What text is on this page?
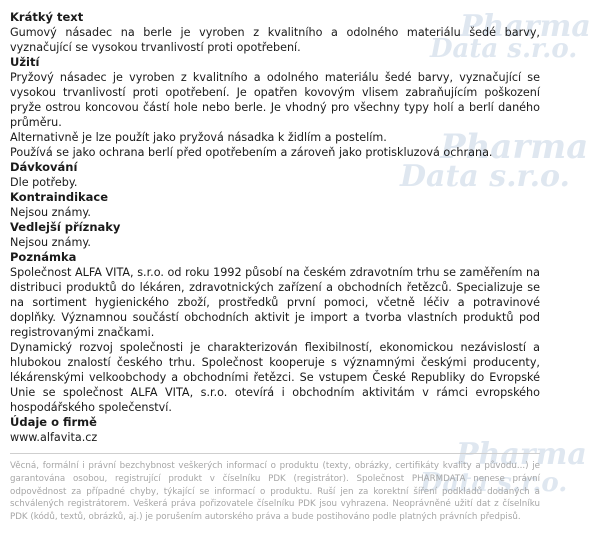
Pharma
Data s.r.o.
Pharma
Data s.r.o.
Pharma
Data s.r.o.
Krátký text
Gumový násadec na berle je vyroben z kvalitního a odolného materiálu šedé barvy, vyznačující se vysokou trvanlivostí proti opotřebení.
Užití
Pryžový násadec je vyroben z kvalitního a odolného materiálu šedé barvy, vyznačující se vysokou trvanlivostí proti opotřebení. Je opatřen kovovým vlisem zabraňujícím poškození pryže ostrou koncovou částí hole nebo berle. Je vhodný pro všechny typy holí a berlí daného průměru.
Alternativně je lze použít jako pryžová násadka k židlím a postelím.
Používá se jako ochrana berlí před opotřebením a zároveň jako protiskluzová ochrana.
Dávkování
Dle potřeby.
Kontraindikace
Nejsou známy.
Vedlejší příznaky
Nejsou známy.
Poznámka
Společnost ALFA VITA, s.r.o. od roku 1992 působí na českém zdravotním trhu se zaměřením na distribuci produktů do lékáren, zdravotnických zařízení a obchodních řetězců. Specializuje se na sortiment hygienického zboží, prostředků první pomoci, včetně léčiv a potravinové doplňky. Významnou součástí obchodních aktivit je import a tvorba vlastních produktů pod registrovanými značkami.
Dynamický rozvoj společnosti je charakterizován flexibilností, ekonomickou nezávislostí a hlubokou znalostí českého trhu. Společnost kooperuje s významnými českými producenty, lékárenskými velkoobchody a obchodními řetězci. Se vstupem České Republiky do Evropské Unie se společnost ALFA VITA, s.r.o. otevírá i obchodním aktivitám v rámci evropského hospodářského společenství.
Údaje o firmě
www.alfavita.cz
Věcná, formální i právní bezchybnost veškerých informací o produktu (texty, obrázky, certifikáty kvality a původu...) je garantována osobou, registrující produkt v číselníku PDK (registrátor). Společnost PHARMDATA nenese právní odpovědnost za případné chyby, týkající se informací o produktu. Ruší jen za korektní šíření podkladů dodaných a schválených registrátorem. Veškerá práva pořizovatele číselníku PDK jsou vyhrazena. Neoprávněné užití dat z číselníku PDK (kódů, textů, obrázků, aj.) je porušením autorského práva a bude postihováno podle platných právních předpisů.
